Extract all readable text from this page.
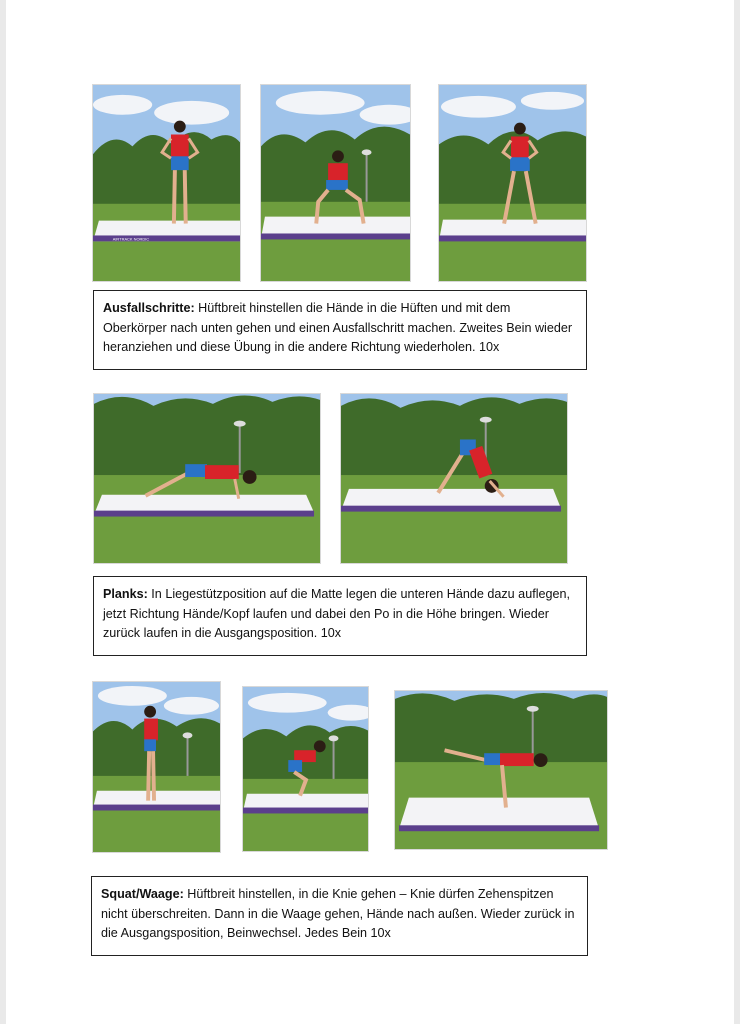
AIRTRACK NORDIC
Ausfallschritte: Hüftbreit hinstellen die Hände in die Hüften und mit dem Oberkörper nach unten gehen und einen Ausfallschritt machen. Zweites Bein wieder heranziehen und diese Übung in die andere Richtung wiederholen. 10x
Planks: In Liegestützposition auf die Matte legen die unteren Hände dazu auflegen, jetzt Richtung Hände/Kopf laufen und dabei den Po in die Höhe bringen. Wieder zurück laufen in die Ausgangsposition. 10x
Squat/Waage: Hüftbreit hinstellen, in die Knie gehen – Knie dürfen Zehenspitzen nicht überschreiten. Dann in die Waage gehen, Hände nach außen. Wieder zurück in die Ausgangsposition, Beinwechsel. Jedes Bein 10x
